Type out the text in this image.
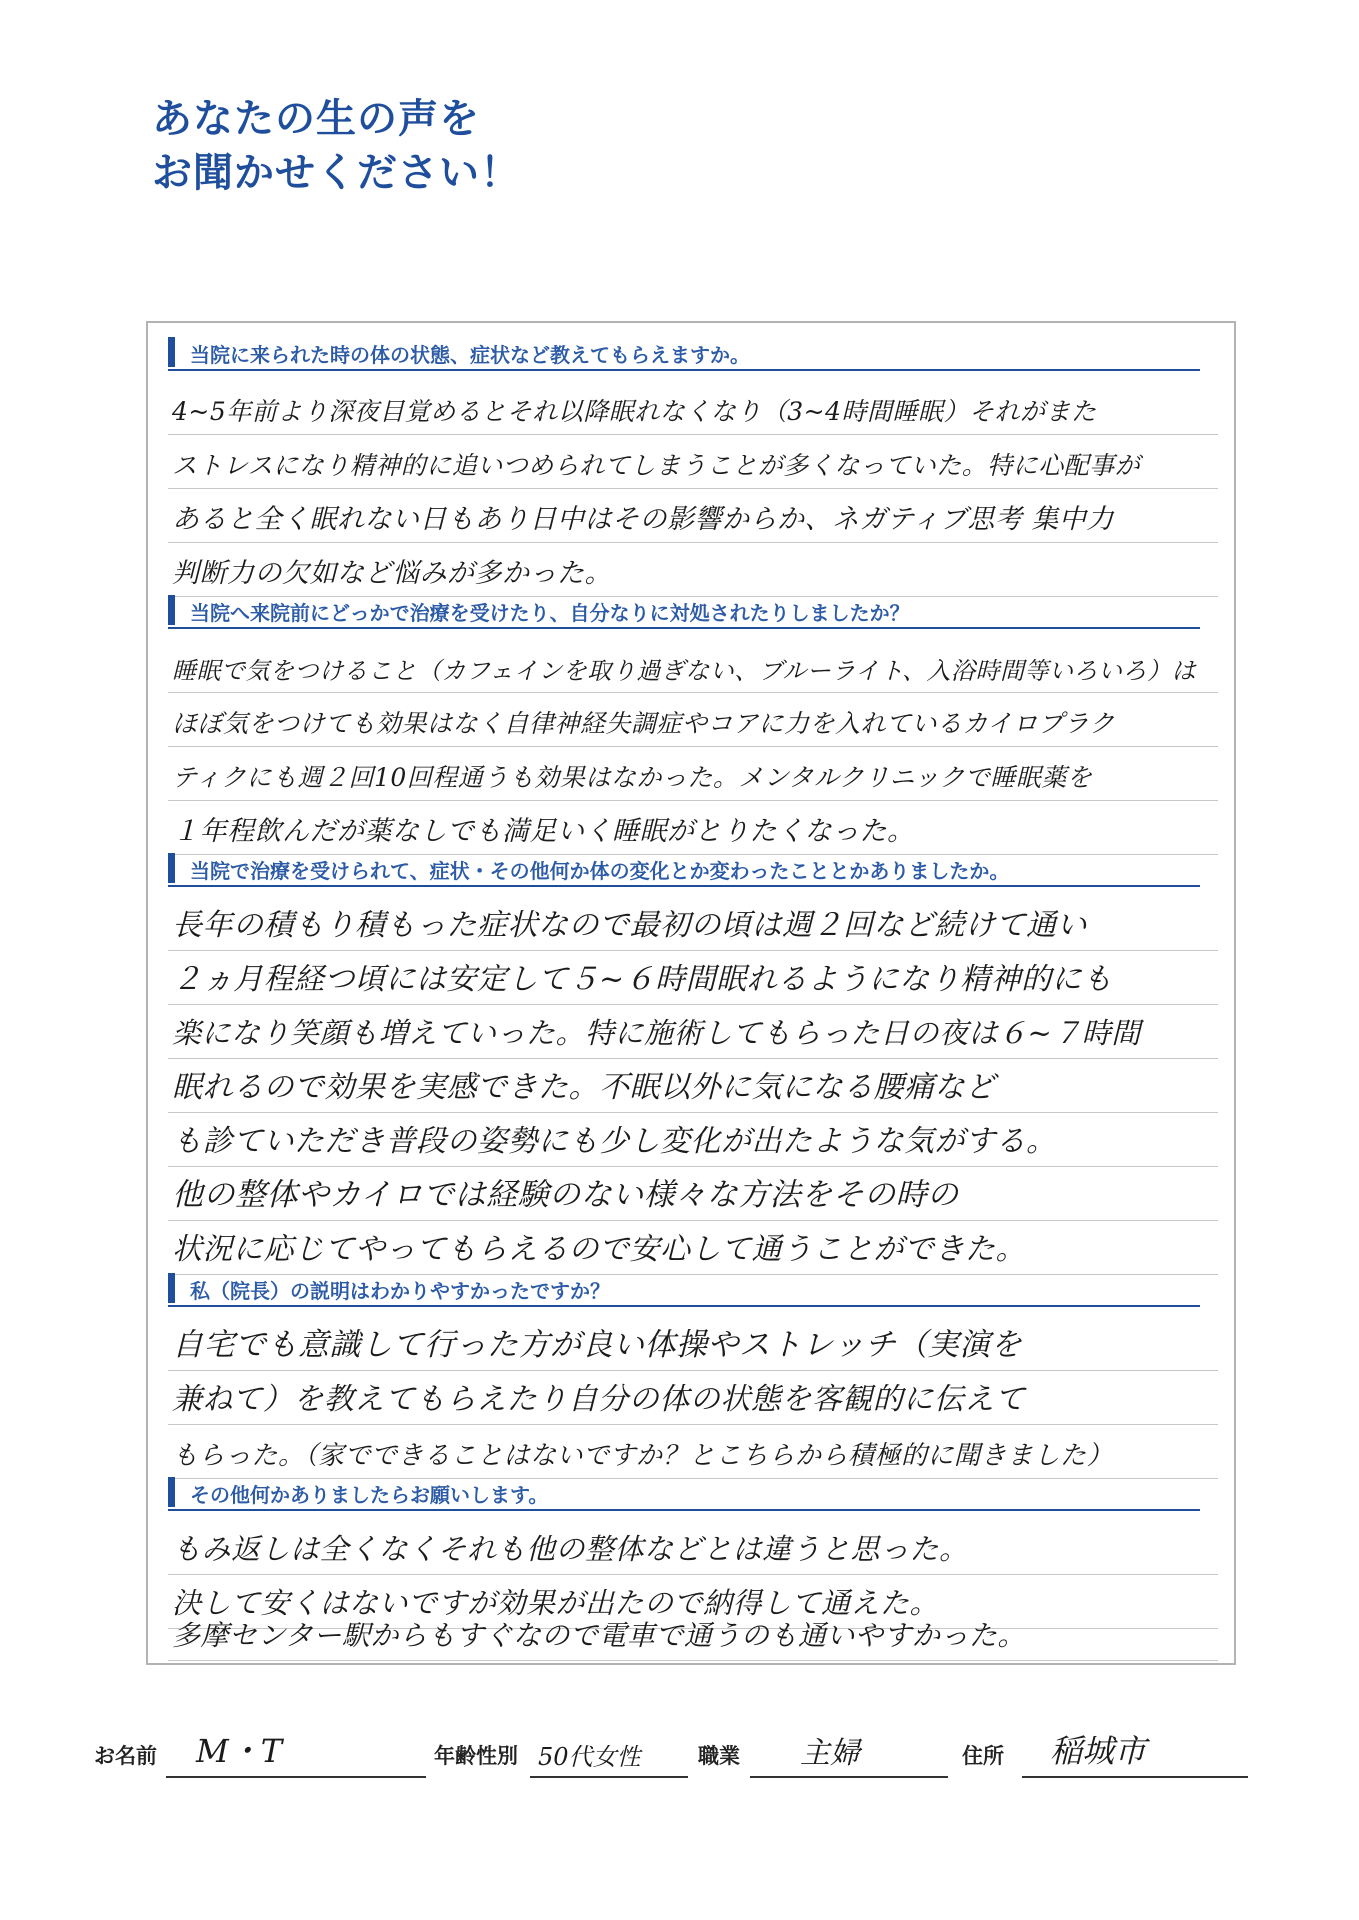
あなたの生の声を
お聞かせください！
当院に来られた時の体の状態、症状など教えてもらえますか。
4~5年前より深夜目覚めるとそれ以降眠れなくなり（3~4時間睡眠）それがまた
ストレスになり精神的に追いつめられてしまうことが多くなっていた。特に心配事が
あると全く眠れない日もあり日中はその影響からか、ネガティブ思考 集中力
判断力の欠如など悩みが多かった。
当院へ来院前にどっかで治療を受けたり、自分なりに対処されたりしましたか？
睡眠で気をつけること（カフェインを取り過ぎない、ブルーライト、入浴時間等いろいろ）は
ほぼ気をつけても効果はなく自律神経失調症やコアに力を入れているカイロプラク
ティクにも週２回10回程通うも効果はなかった。メンタルクリニックで睡眠薬を
１年程飲んだが薬なしでも満足いく睡眠がとりたくなった。
当院で治療を受けられて、症状・その他何か体の変化とか変わったこととかありましたか。
長年の積もり積もった症状なので最初の頃は週２回など続けて通い
２ヵ月程経つ頃には安定して５~６時間眠れるようになり精神的にも
楽になり笑顔も増えていった。特に施術してもらった日の夜は６~７時間
眠れるので効果を実感できた。不眠以外に気になる腰痛など
も診ていただき普段の姿勢にも少し変化が出たような気がする。
他の整体やカイロでは経験のない様々な方法をその時の
状況に応じてやってもらえるので安心して通うことができた。
私（院長）の説明はわかりやすかったですか？
自宅でも意識して行った方が良い体操やストレッチ（実演を
兼ねて）を教えてもらえたり自分の体の状態を客観的に伝えて
もらった。（家でできることはないですか？とこちらから積極的に聞きました）
その他何かありましたらお願いします。
もみ返しは全くなくそれも他の整体などとは違うと思った。
決して安くはないですが効果が出たので納得して通えた。
多摩センター駅からもすぐなので電車で通うのも通いやすかった。
お名前 M・T	年齢性別 50代女性	職業 主婦	住所 稲城市
